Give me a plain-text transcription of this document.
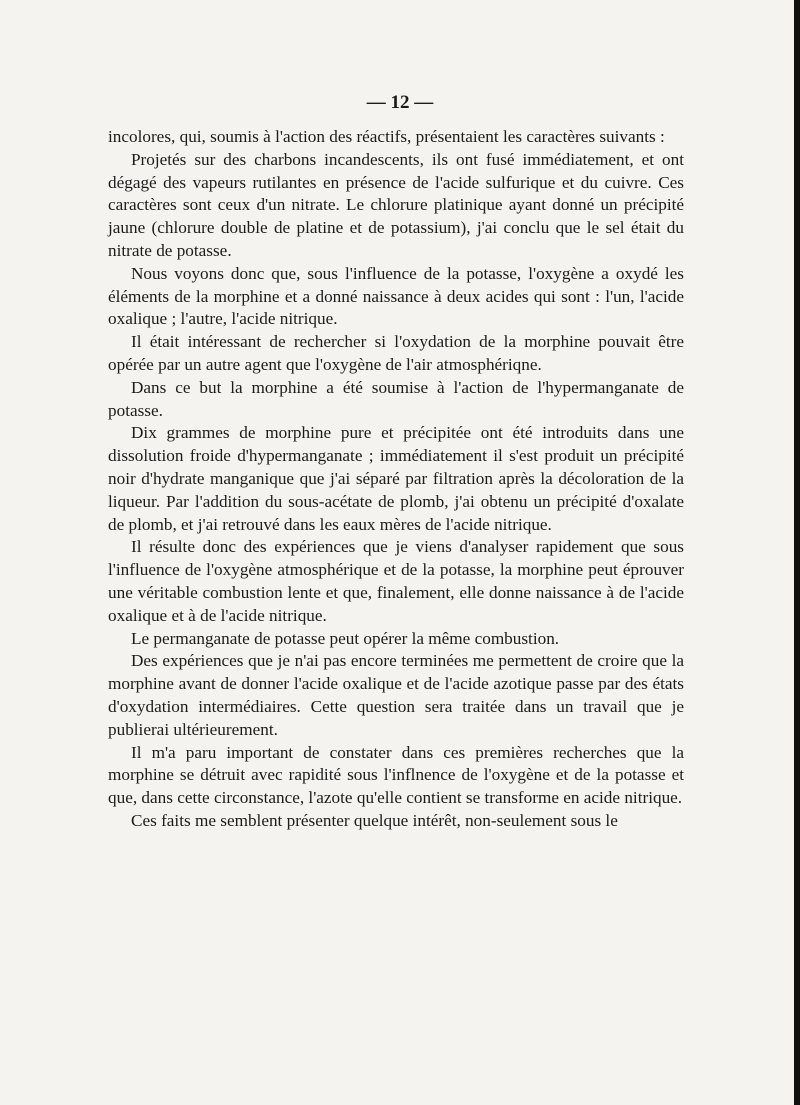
— 12 —

incolores, qui, soumis à l'action des réactifs, présentaient les caractères suivants :

Projetés sur des charbons incandescents, ils ont fusé immédiatement, et ont dégagé des vapeurs rutilantes en présence de l'acide sulfurique et du cuivre. Ces caractères sont ceux d'un nitrate. Le chlorure platinique ayant donné un précipité jaune (chlorure double de platine et de potassium), j'ai conclu que le sel était du nitrate de potasse.

Nous voyons donc que, sous l'influence de la potasse, l'oxygène a oxydé les éléments de la morphine et a donné naissance à deux acides qui sont : l'un, l'acide oxalique ; l'autre, l'acide nitrique.

Il était intéressant de rechercher si l'oxydation de la morphine pouvait être opérée par un autre agent que l'oxygène de l'air atmosphériqne.

Dans ce but la morphine a été soumise à l'action de l'hypermanganate de potasse.

Dix grammes de morphine pure et précipitée ont été introduits dans une dissolution froide d'hypermanganate ; immédiatement il s'est produit un précipité noir d'hydrate manganique que j'ai séparé par filtration après la décoloration de la liqueur. Par l'addition du sous-acétate de plomb, j'ai obtenu un précipité d'oxalate de plomb, et j'ai retrouvé dans les eaux mères de l'acide nitrique.

Il résulte donc des expériences que je viens d'analyser rapidement que sous l'influence de l'oxygène atmosphérique et de la potasse, la morphine peut éprouver une véritable combustion lente et que, finalement, elle donne naissance à de l'acide oxalique et à de l'acide nitrique.

Le permanganate de potasse peut opérer la même combustion.

Des expériences que je n'ai pas encore terminées me permettent de croire que la morphine avant de donner l'acide oxalique et de l'acide azotique passe par des états d'oxydation intermédiaires. Cette question sera traitée dans un travail que je publierai ultérieurement.

Il m'a paru important de constater dans ces premières recherches que la morphine se détruit avec rapidité sous l'inflnence de l'oxygène et de la potasse et que, dans cette circonstance, l'azote qu'elle contient se transforme en acide nitrique.

Ces faits me semblent présenter quelque intérêt, non-seulement sous le
